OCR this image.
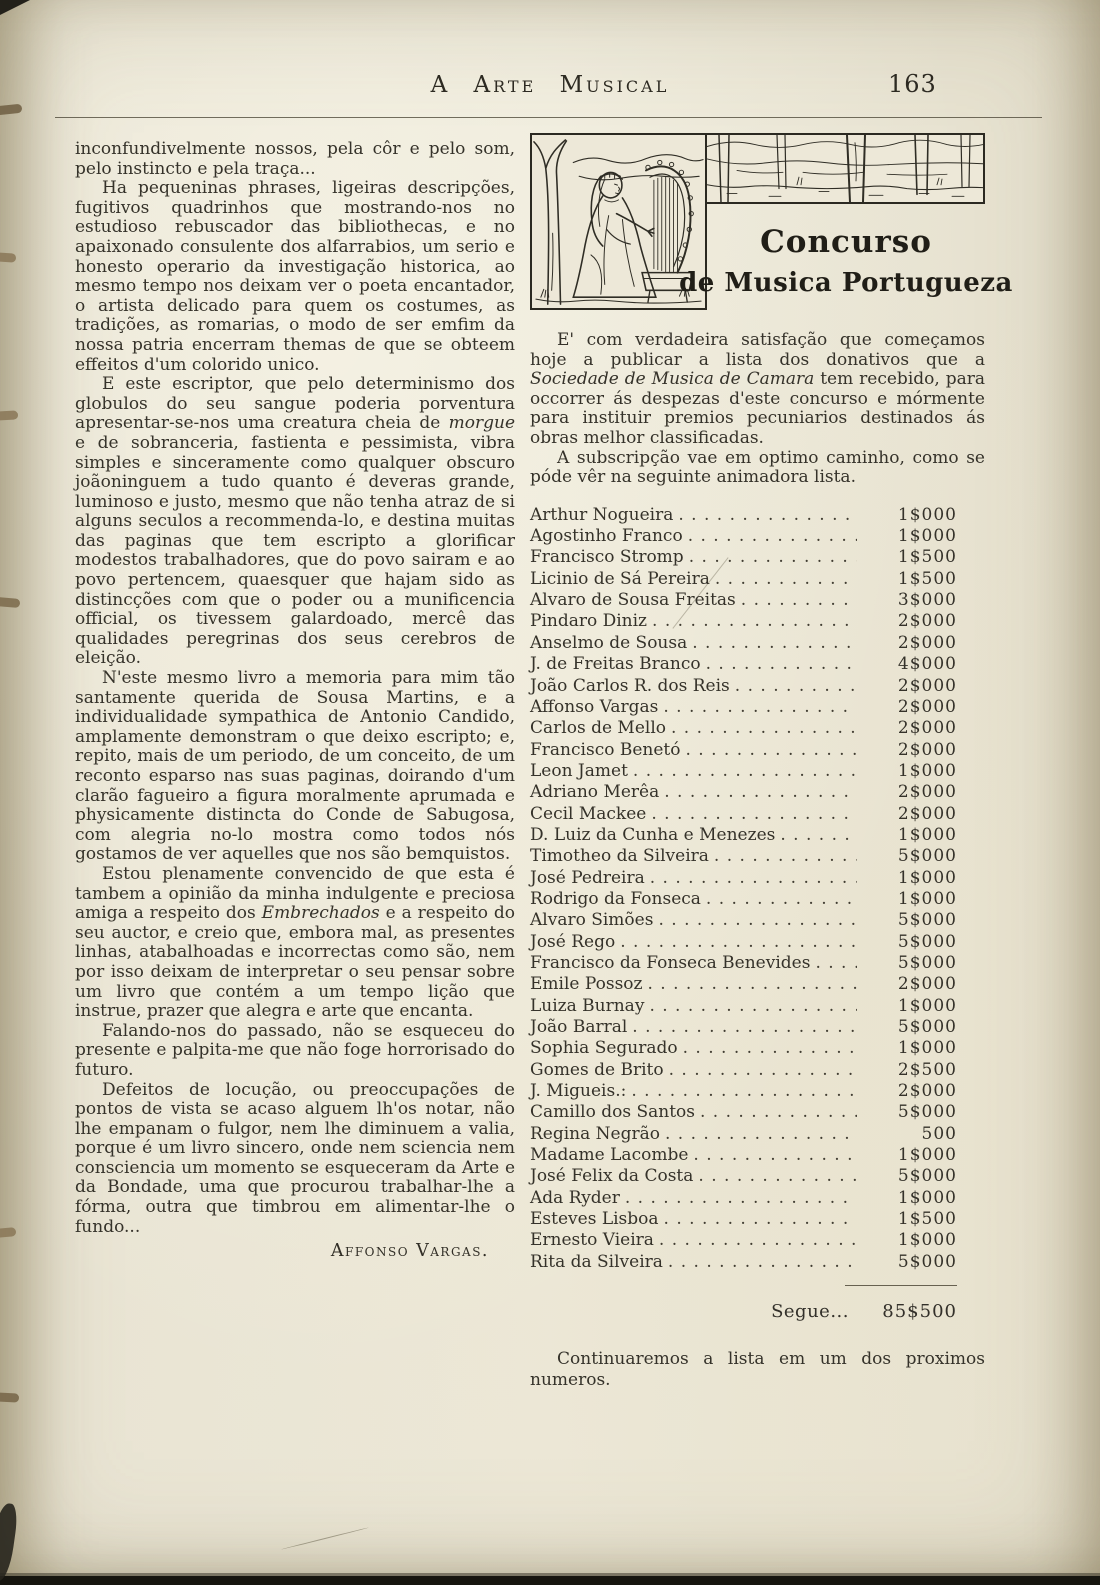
A Arte Musical	163

inconfundivelmente nossos, pela côr e pelo som, pelo instincto e pela traça...

Ha pequeninas phrases, ligeiras descripções, fugitivos quadrinhos que mostrando-nos no estudioso rebuscador das bibliothecas, e no apaixonado consulente dos alfarrabios, um serio e honesto operario da investigação historica, ao mesmo tempo nos deixam ver o poeta encantador, o artista delicado para quem os costumes, as tradições, as romarias, o modo de ser emfim da nossa patria encerram themas de que se obteem effeitos d'um colorido unico.

E este escriptor, que pelo determinismo dos globulos do seu sangue poderia porventura apresentar-se-nos uma creatura cheia de morgue e de sobranceria, fastienta e pessimista, vibra simples e sinceramente como qualquer obscuro joãoninguem a tudo quanto é deveras grande, luminoso e justo, mesmo que não tenha atraz de si alguns seculos a recommenda-lo, e destina muitas das paginas que tem escripto a glorificar modestos trabalhadores, que do povo sairam e ao povo pertencem, quaesquer que hajam sido as distincções com que o poder ou a munificencia official, os tivessem galardoado, mercê das qualidades peregrinas dos seus cerebros de eleição.

N'este mesmo livro a memoria para mim tão santamente querida de Sousa Martins, e a individualidade sympathica de Antonio Candido, amplamente demonstram o que deixo escripto; e, repito, mais de um periodo, de um conceito, de um reconto esparso nas suas paginas, doirando d'um clarão fagueiro a figura moralmente aprumada e physicamente distincta do Conde de Sabugosa, com alegria no-lo mostra como todos nós gostamos de ver aquelles que nos são bemquistos.

Estou plenamente convencido de que esta é tambem a opinião da minha indulgente e preciosa amiga a respeito dos Embrechados e a respeito do seu auctor, e creio que, embora mal, as presentes linhas, atabalhoadas e incorrectas como são, nem por isso deixam de interpretar o seu pensar sobre um livro que contém a um tempo lição que instrue, prazer que alegra e arte que encanta.

Falando-nos do passado, não se esqueceu do presente e palpita-me que não foge horrorisado do futuro.

Defeitos de locução, ou preoccupações de pontos de vista se acaso alguem lh'os notar, não lhe empanam o fulgor, nem lhe diminuem a valia, porque é um livro sincero, onde nem sciencia nem consciencia um momento se esqueceram da Arte e da Bondade, uma que procurou trabalhar-lhe a fórma, outra que timbrou em alimentar-lhe o fundo...

Affonso Vargas.
Concurso
de Musica Portugueza

E' com verdadeira satisfação que começamos hoje a publicar a lista dos donativos que a Sociedade de Musica de Camara tem recebido, para occorrer ás despezas d'este concurso e mórmente para instituir premios pecuniarios destinados ás obras melhor classificadas.

A subscripção vae em optimo caminho, como se póde vêr na seguinte animadora lista.

Arthur Nogueira . . .	1$000
Agostinho Franco . . .	1$000
Francisco Stromp . . .	1$500
Licinio de Sá Pereira . . .	1$500
Alvaro de Sousa Freitas . . .	3$000
Pindaro Diniz . . .	2$000
Anselmo de Sousa . . .	2$000
J. de Freitas Branco . . .	4$000
João Carlos R. dos Reis . . .	2$000
Affonso Vargas . . .	2$000
Carlos de Mello . . .	2$000
Francisco Benetó . . .	2$000
Leon Jamet . . .	1$000
Adriano Merêa . . .	2$000
Cecil Mackee . . .	2$000
D. Luiz da Cunha e Menezes . . .	1$000
Timotheo da Silveira . . .	5$000
José Pedreira . . .	1$000
Rodrigo da Fonseca . . .	1$000
Alvaro Simões . . .	5$000
José Rego . . .	5$000
Francisco da Fonseca Benevides . . .	5$000
Emile Possoz . . .	2$000
Luiza Burnay . . .	1$000
João Barral . . .	5$000
Sophia Segurado . . .	1$000
Gomes de Brito . . .	2$500
J. Migueis.: . . .	2$000
Camillo dos Santos . . .	5$000
Regina Negrão . . .	500
Madame Lacombe . . .	1$000
José Felix da Costa . . .	5$000
Ada Ryder . . .	1$000
Esteves Lisboa . . .	1$500
Ernesto Vieira . . .	1$000
Rita da Silveira . . .	5$000
Segue...	85$500

Continuaremos a lista em um dos proximos numeros.
